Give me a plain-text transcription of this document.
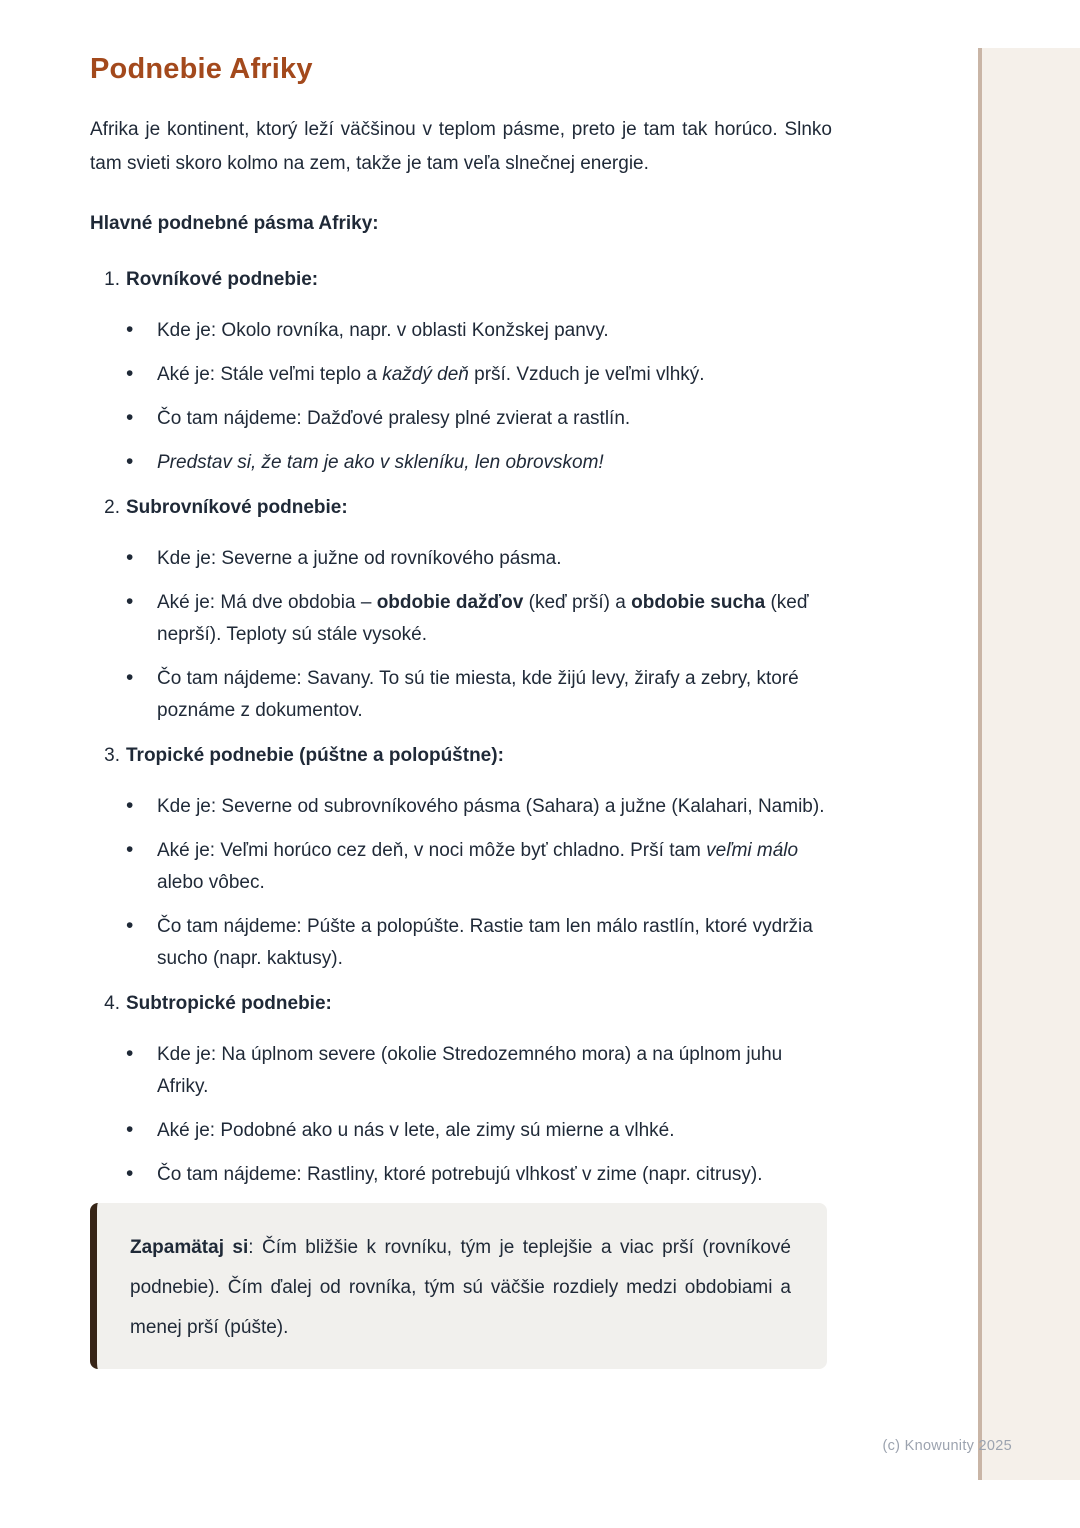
(c) Knowunity 2025
Podnebie Afriky

Afrika je kontinent, ktorý leží väčšinou v teplom pásme, preto je tam tak horúco. Slnko tam svieti skoro kolmo na zem, takže je tam veľa slnečnej energie.

Hlavné podnebné pásma Afriky:

1. Rovníkové podnebie:
• Kde je: Okolo rovníka, napr. v oblasti Konžskej panvy.
• Aké je: Stále veľmi teplo a každý deň prší. Vzduch je veľmi vlhký.
• Čo tam nájdeme: Dažďové pralesy plné zvierat a rastlín.
• Predstav si, že tam je ako v skleníku, len obrovskom!
2. Subrovníkové podnebie:
• Kde je: Severne a južne od rovníkového pásma.
• Aké je: Má dve obdobia – obdobie dažďov (keď prší) a obdobie sucha (keď neprší). Teploty sú stále vysoké.
• Čo tam nájdeme: Savany. To sú tie miesta, kde žijú levy, žirafy a zebry, ktoré poznáme z dokumentov.
3. Tropické podnebie (púštne a polopúštne):
• Kde je: Severne od subrovníkového pásma (Sahara) a južne (Kalahari, Namib).
• Aké je: Veľmi horúco cez deň, v noci môže byť chladno. Prší tam veľmi málo alebo vôbec.
• Čo tam nájdeme: Púšte a polopúšte. Rastie tam len málo rastlín, ktoré vydržia sucho (napr. kaktusy).
4. Subtropické podnebie:
• Kde je: Na úplnom severe (okolie Stredozemného mora) a na úplnom juhu Afriky.
• Aké je: Podobné ako u nás v lete, ale zimy sú mierne a vlhké.
• Čo tam nájdeme: Rastliny, ktoré potrebujú vlhkosť v zime (napr. citrusy).

Zapamätaj si: Čím bližšie k rovníku, tým je teplejšie a viac prší (rovníkové podnebie). Čím ďalej od rovníka, tým sú väčšie rozdiely medzi obdobiami a menej prší (púšte).
